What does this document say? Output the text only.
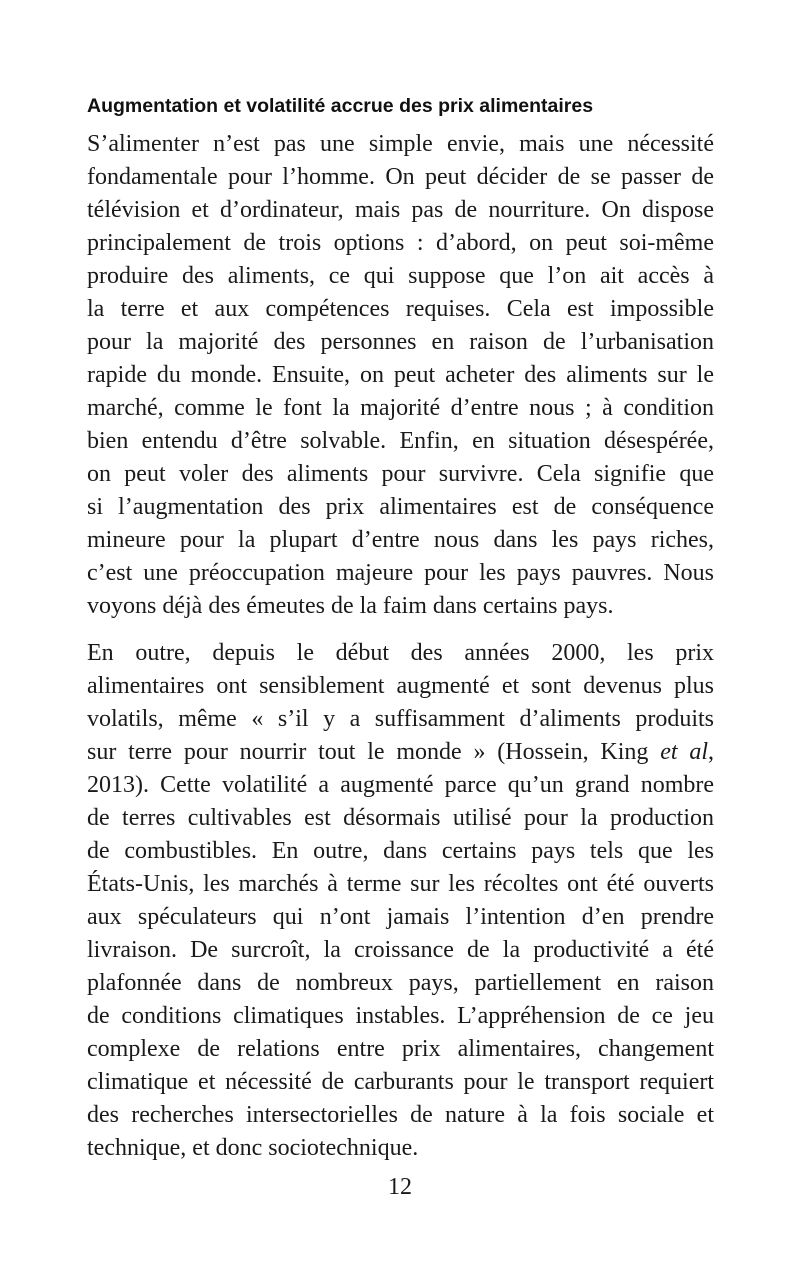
Augmentation et volatilité accrue des prix alimentaires
S’alimenter n’est pas une simple envie, mais une nécessité
fondamentale pour l’homme. On peut décider de se passer de
télévision et d’ordinateur, mais pas de nourriture. On dispose
principalement de trois options : d’abord, on peut soi-même
produire des aliments, ce qui suppose que l’on ait accès à
la terre et aux compétences requises. Cela est impossible
pour la majorité des personnes en raison de l’urbanisation
rapide du monde. Ensuite, on peut acheter des aliments sur le
marché, comme le font la majorité d’entre nous ; à condition
bien entendu d’être solvable. Enfin, en situation désespérée,
on peut voler des aliments pour survivre. Cela signifie que
si l’augmentation des prix alimentaires est de conséquence
mineure pour la plupart d’entre nous dans les pays riches,
c’est une préoccupation majeure pour les pays pauvres. Nous
voyons déjà des émeutes de la faim dans certains pays.
En outre, depuis le début des années 2000, les prix
alimentaires ont sensiblement augmenté et sont devenus plus
volatils, même « s’il y a suffisamment d’aliments produits
sur terre pour nourrir tout le monde » (Hossein, King et al,
2013). Cette volatilité a augmenté parce qu’un grand nombre
de terres cultivables est désormais utilisé pour la production
de combustibles. En outre, dans certains pays tels que les
États-Unis, les marchés à terme sur les récoltes ont été ouverts
aux spéculateurs qui n’ont jamais l’intention d’en prendre
livraison. De surcroît, la croissance de la productivité a été
plafonnée dans de nombreux pays, partiellement en raison
de conditions climatiques instables. L’appréhension de ce jeu
complexe de relations entre prix alimentaires, changement
climatique et nécessité de carburants pour le transport requiert
des recherches intersectorielles de nature à la fois sociale et
technique, et donc sociotechnique.
12
